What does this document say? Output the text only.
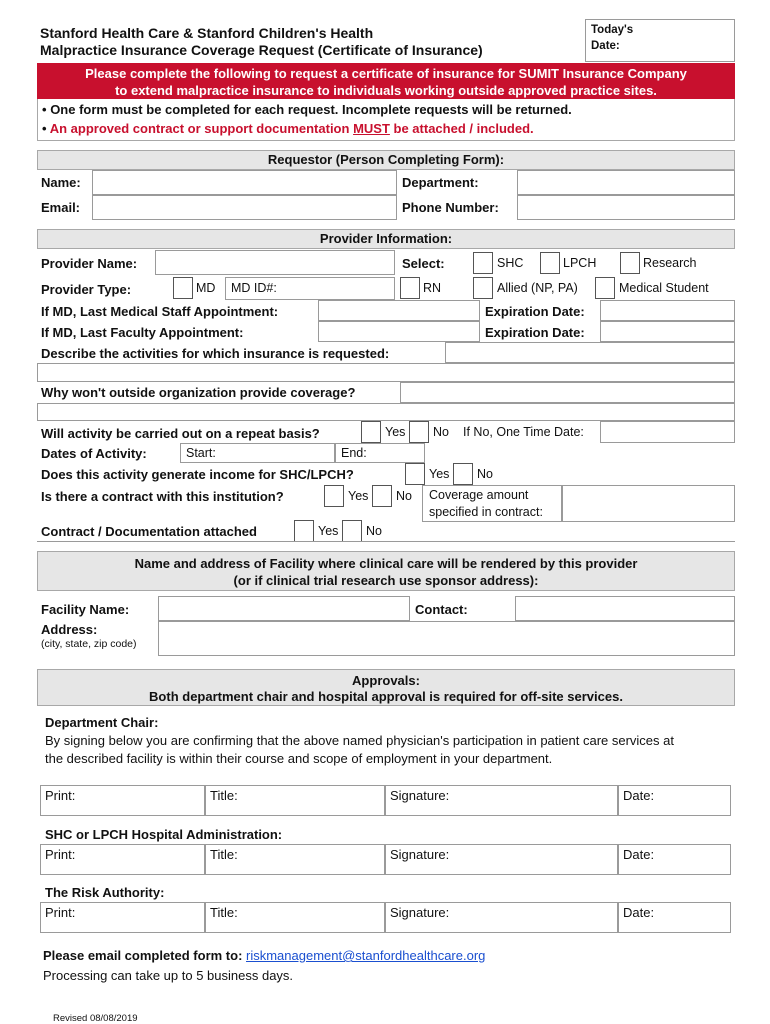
Stanford Health Care & Stanford Children's Health
Malpractice Insurance Coverage Request (Certificate of Insurance)
Today's
Date:
Please complete the following to request a certificate of insurance for SUMIT Insurance Company
to extend malpractice insurance to individuals working outside approved practice sites.
• One form must be completed for each request. Incomplete requests will be returned.
• An approved contract or support documentation MUST be attached / included.
Requestor (Person Completing Form):
Name:	Department:
Email:	Phone Number:
Provider Information:
Provider Name:	Select:	SHC	LPCH	Research
Provider Type:	MD MD ID#:	RN	Allied (NP, PA)	Medical Student
If MD, Last Medical Staff Appointment:	Expiration Date:
If MD, Last Faculty Appointment:	Expiration Date:
Describe the activities for which insurance is requested:
Why won't outside organization provide coverage?
Will activity be carried out on a repeat basis?	Yes No If No, One Time Date:
Dates of Activity:	Start:	End:
Does this activity generate income for SHC/LPCH?	Yes No
Is there a contract with this institution?	Yes No Coverage amount
specified in contract:
Contract / Documentation attached	Yes No
Name and address of Facility where clinical care will be rendered by this provider
(or if clinical trial research use sponsor address):
Facility Name:	Contact:
Address:
(city, state, zip code)
Approvals:
Both department chair and hospital approval is required for off-site services.
Department Chair:
By signing below you are confirming that the above named physician's participation in patient care services at
the described facility is within their course and scope of employment in your department.
Print:	Title:	Signature:	Date:
SHC or LPCH Hospital Administration:
Print:	Title:	Signature:	Date:
The Risk Authority:
Print:	Title:	Signature:	Date:
Please email completed form to: riskmanagement@stanfordhealthcare.org
Processing can take up to 5 business days.
Revised 08/08/2019
